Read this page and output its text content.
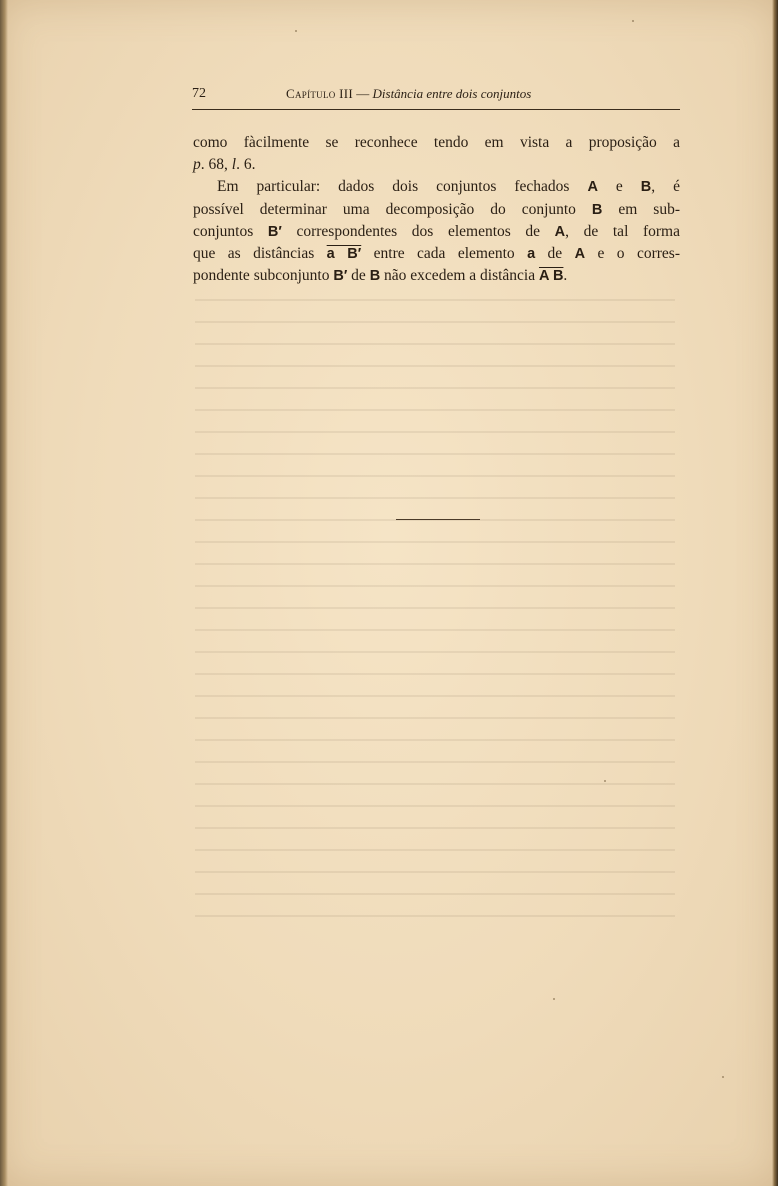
72	Capítulo III — Distância entre dois conjuntos

como fàcilmente se reconhece tendo em vista a proposição a
p. 68, l. 6.

Em particular: dados dois conjuntos fechados A e B, é
possível determinar uma decomposição do conjunto B em sub-
conjuntos B′ correspondentes dos elementos de A, de tal forma
que as distâncias a B′ entre cada elemento a de A e o corres-
pondente subconjunto B′ de B não excedem a distância A B.
